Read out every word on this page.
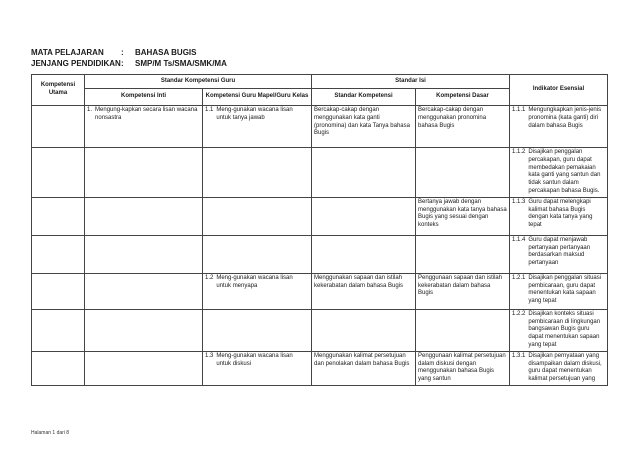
MATA PELAJARAN : BAHASA BUGIS
JENJANG PENDIDIKAN: SMP/M Ts/SMA/SMK/MA
Kompetensi Utama	Standar Kompetensi Guru		Standar Isi		Indikator Esensial
	Kompetensi Inti	Kompetensi Guru Mapel/Guru Kelas	Standar Kompetensi	Kompetensi Dasar	

	1. Mengung-kapkan secara lisan wacana nonsastra	1.1 Meng-gunakan wacana lisan untuk tanya jawab	Bercakap-cakap dengan menggunakan kata ganti (pronomina) dan kata Tanya bahasa Bugis	Bercakap-cakap dengan menggunakan pronomina bahasa Bugis	1.1.1 Mengungkapkan jenis-jenis pronomina (kata ganti) diri dalam bahasa Bugis

					1.1.2 Disajikan penggalan percakapan, guru dapat membedakan pemakaian kata ganti yang santun dan tidak santun dalam percakapan bahasa Bugis.

				Bertanya jawab dengan menggunakan kata tanya bahasa Bugis yang sesuai dengan konteks	1.1.3 Guru dapat melengkapi kalimat bahasa Bugis dengan kata tanya yang tepat

					1.1.4 Guru dapat menjawab pertanyaan pertanyaan berdasarkan maksud pertanyaan

		1.2 Meng-gunakan wacana lisan untuk menyapa	Menggunakan sapaan dan istilah kekerabatan dalam bahasa Bugis	Penggunaan sapaan dan istilah kekerabatan dalam bahasa Bugis	1.2.1 Disajikan penggalan situasi pembicaraan, guru dapat menentukan kata sapaan yang tepat

					1.2.2 Disajikan konteks situasi pembicaraan di lingkungan bangsawan Bugis guru dapat menentukan sapaan yang tepat

		1.3 Meng-gunakan wacana lisan untuk diskusi	Menggunakan kalimat persetujuan dan penolakan dalam bahasa Bugis	Penggunaan kalimat persetujuan dalam diskusi dengan menggunakan bahasa Bugis yang santun	1.3.1 Disajikan pernyataan yang disampaikan dalam diskusi, guru dapat menentukan kalimat persetujuan yang
Halaman 1 dari 8
